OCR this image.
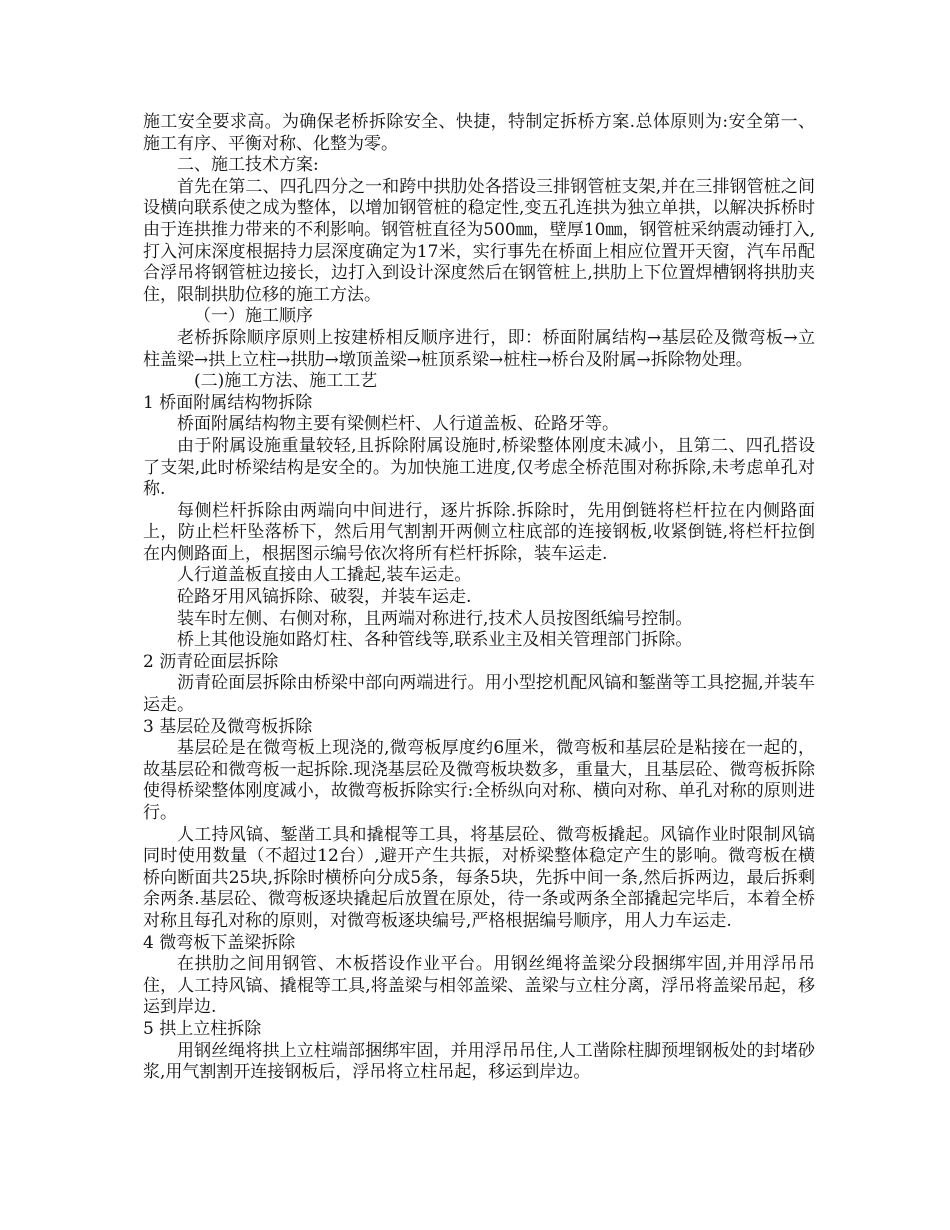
施工安全要求高。为确保老桥拆除安全、快捷，特制定拆桥方案.总体原则为:安全第一、施工有序、平衡对称、化整为零。

二、施工技术方案:

首先在第二、四孔四分之一和跨中拱肋处各搭设三排钢管桩支架,并在三排钢管桩之间设横向联系使之成为整体，以增加钢管桩的稳定性,变五孔连拱为独立单拱，以解决拆桥时由于连拱推力带来的不利影响。钢管桩直径为500㎜，壁厚10㎜，钢管桩采纳震动锤打入,打入河床深度根据持力层深度确定为17米，实行事先在桥面上相应位置开天窗，汽车吊配合浮吊将钢管桩边接长，边打入到设计深度然后在钢管桩上,拱肋上下位置焊槽钢将拱肋夹住，限制拱肋位移的施工方法。

（一）施工顺序

老桥拆除顺序原则上按建桥相反顺序进行，即：桥面附属结构→基层砼及微弯板→立柱盖梁→拱上立柱→拱肋→墩顶盖梁→桩顶系梁→桩柱→桥台及附属→拆除物处理。

(二)施工方法、施工工艺

1 桥面附属结构物拆除

桥面附属结构物主要有梁侧栏杆、人行道盖板、砼路牙等。

由于附属设施重量较轻,且拆除附属设施时,桥梁整体刚度未减小，且第二、四孔搭设了支架,此时桥梁结构是安全的。为加快施工进度,仅考虑全桥范围对称拆除,未考虑单孔对称.

每侧栏杆拆除由两端向中间进行，逐片拆除.拆除时，先用倒链将栏杆拉在内侧路面上，防止栏杆坠落桥下，然后用气割割开两侧立柱底部的连接钢板,收紧倒链,将栏杆拉倒在内侧路面上，根据图示编号依次将所有栏杆拆除，装车运走.

人行道盖板直接由人工撬起,装车运走。

砼路牙用风镐拆除、破裂，并装车运走.

装车时左侧、右侧对称，且两端对称进行,技术人员按图纸编号控制。

桥上其他设施如路灯柱、各种管线等,联系业主及相关管理部门拆除。

2 沥青砼面层拆除

沥青砼面层拆除由桥梁中部向两端进行。用小型挖机配风镐和錾凿等工具挖掘,并装车运走。

3 基层砼及微弯板拆除

基层砼是在微弯板上现浇的,微弯板厚度约6厘米，微弯板和基层砼是粘接在一起的，故基层砼和微弯板一起拆除.现浇基层砼及微弯板块数多，重量大，且基层砼、微弯板拆除使得桥梁整体刚度减小，故微弯板拆除实行:全桥纵向对称、横向对称、单孔对称的原则进行。

人工持风镐、錾凿工具和撬棍等工具，将基层砼、微弯板撬起。风镐作业时限制风镐同时使用数量（不超过12台）,避开产生共振，对桥梁整体稳定产生的影响。微弯板在横桥向断面共25块,拆除时横桥向分成5条，每条5块，先拆中间一条,然后拆两边，最后拆剩余两条.基层砼、微弯板逐块撬起后放置在原处，待一条或两条全部撬起完毕后，本着全桥对称且每孔对称的原则，对微弯板逐块编号,严格根据编号顺序，用人力车运走.

4 微弯板下盖梁拆除

在拱肋之间用钢管、木板搭设作业平台。用钢丝绳将盖梁分段捆绑牢固,并用浮吊吊住，人工持风镐、撬棍等工具,将盖梁与相邻盖梁、盖梁与立柱分离，浮吊将盖梁吊起，移运到岸边.

5 拱上立柱拆除

用钢丝绳将拱上立柱端部捆绑牢固，并用浮吊吊住,人工凿除柱脚预埋钢板处的封堵砂浆,用气割割开连接钢板后，浮吊将立柱吊起，移运到岸边。
